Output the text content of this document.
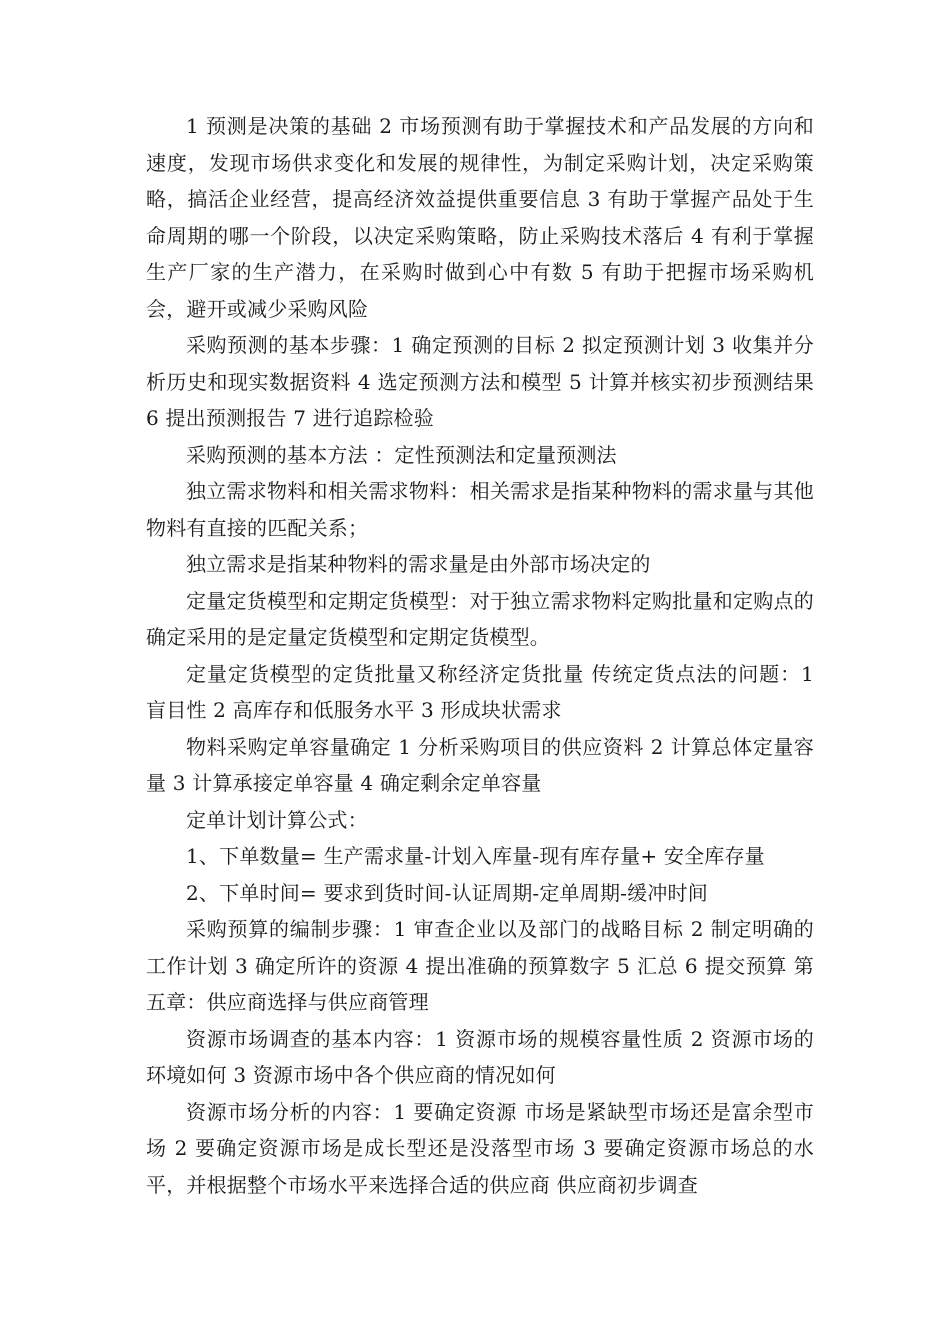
1 预测是决策的基础 2 市场预测有助于掌握技术和产品发展的方向和速度，发现市场供求变化和发展的规律性，为制定采购计划，决定采购策略，搞活企业经营，提高经济效益提供重要信息 3 有助于掌握产品处于生命周期的哪一个阶段，以决定采购策略，防止采购技术落后 4 有利于掌握生产厂家的生产潜力，在采购时做到心中有数 5 有助于把握市场采购机会，避开或减少采购风险

采购预测的基本步骤：1 确定预测的目标 2 拟定预测计划 3 收集并分析历史和现实数据资料 4 选定预测方法和模型 5 计算并核实初步预测结果 6 提出预测报告 7 进行追踪检验

采购预测的基本方法 ：定性预测法和定量预测法

独立需求物料和相关需求物料：相关需求是指某种物料的需求量与其他物料有直接的匹配关系；

独立需求是指某种物料的需求量是由外部市场决定的

定量定货模型和定期定货模型：对于独立需求物料定购批量和定购点的确定采用的是定量定货模型和定期定货模型。

定量定货模型的定货批量又称经济定货批量 传统定货点法的问题：1 盲目性 2 高库存和低服务水平 3 形成块状需求

物料采购定单容量确定 1 分析采购项目的供应资料 2 计算总体定量容量 3 计算承接定单容量 4 确定剩余定单容量

定单计划计算公式：

1、下单数量= 生产需求量-计划入库量-现有库存量+ 安全库存量

2、下单时间= 要求到货时间-认证周期-定单周期-缓冲时间

采购预算的编制步骤：1 审查企业以及部门的战略目标 2 制定明确的工作计划 3 确定所许的资源 4 提出准确的预算数字 5 汇总 6 提交预算 第五章：供应商选择与供应商管理

资源市场调查的基本内容：1 资源市场的规模容量性质 2 资源市场的环境如何 3 资源市场中各个供应商的情况如何

资源市场分析的内容：1 要确定资源 市场是紧缺型市场还是富余型市场 2 要确定资源市场是成长型还是没落型市场 3 要确定资源市场总的水平，并根据整个市场水平来选择合适的供应商 供应商初步调查
